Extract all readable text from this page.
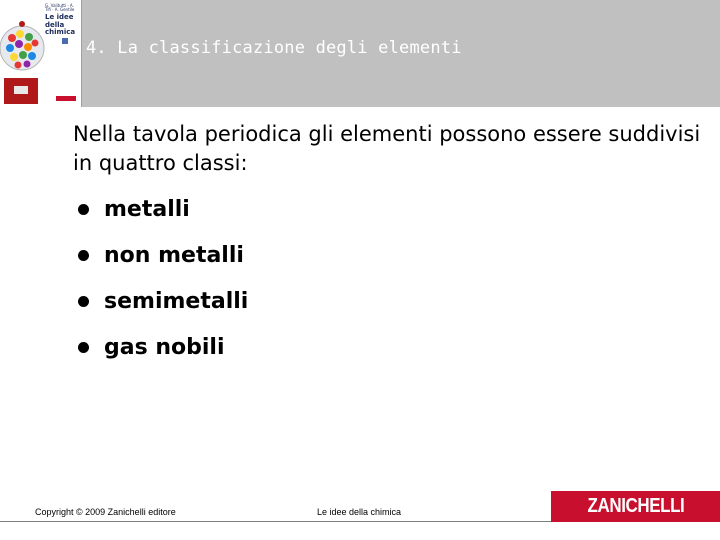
G. Valitutti · A. Tifi · A. Gentile
Le idee della chimica
4. La classificazione degli elementi

Nella tavola periodica gli elementi possono essere suddivisi in quattro classi:

metalli
non metalli
semimetalli
gas nobili
Copyright © 2009 Zanichelli editore	Le idee della chimica	ZANICHELLI
